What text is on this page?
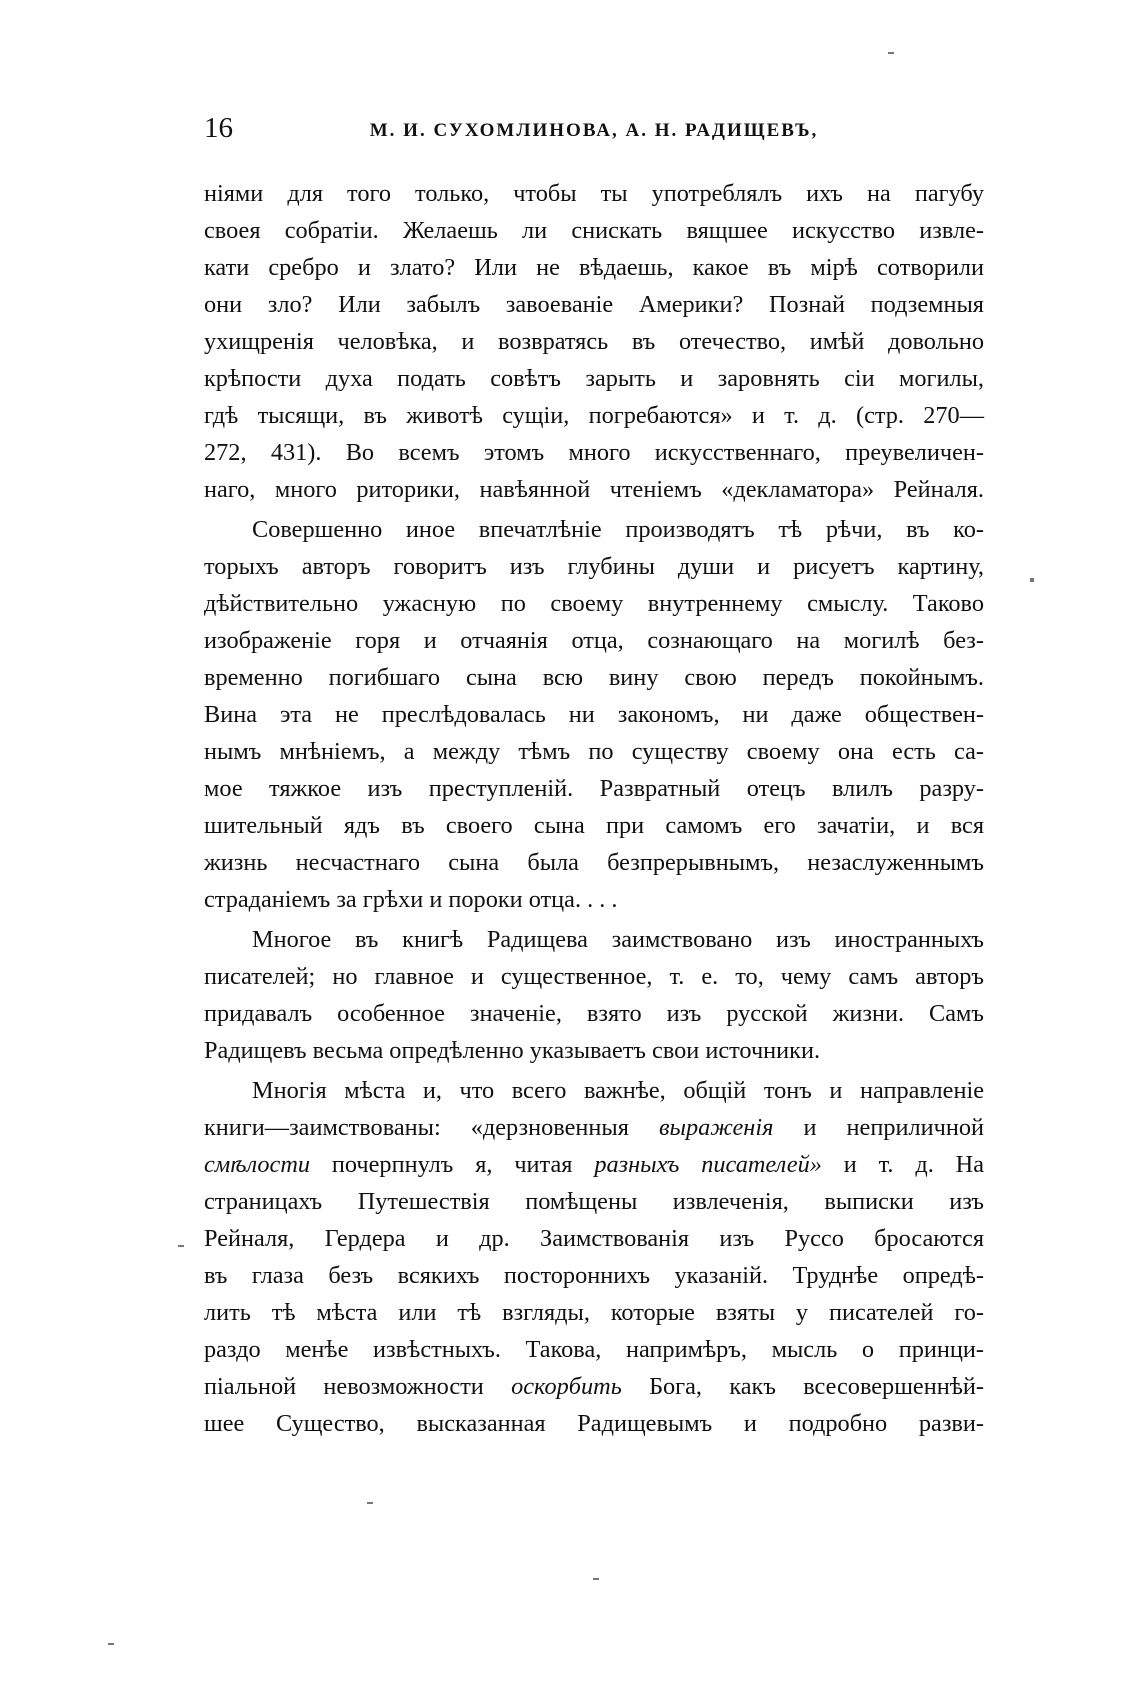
16	М. И. СУХОМЛИНОВА, А. Н. РАДИЩЕВЪ,
ніями для того только, чтобы ты употреблялъ ихъ на пагубу
своея собратіи. Желаешь ли снискать вящшее искусство извле-
кати сребро и злато? Или не вѣдаешь, какое въ мірѣ сотворили
они зло? Или забылъ завоеваніе Америки? Познай подземныя
ухищренія человѣка, и возвратясь въ отечество, имѣй довольно
крѣпости духа подать совѣтъ зарыть и заровнять сіи могилы,
гдѣ тысящи, въ животѣ сущіи, погребаются» и т. д. (стр. 270—
272, 431). Во всемъ этомъ много искусственнаго, преувеличен-
наго, много риторики, навѣянной чтеніемъ «декламатора» Рейналя.
Совершенно иное впечатлѣніе производятъ тѣ рѣчи, въ ко-
торыхъ авторъ говоритъ изъ глубины души и рисуетъ картину,
дѣйствительно ужасную по своему внутреннему смыслу. Таково
изображеніе горя и отчаянія отца, сознающаго на могилѣ без-
временно погибшаго сына всю вину свою передъ покойнымъ.
Вина эта не преслѣдовалась ни закономъ, ни даже обществен-
нымъ мнѣніемъ, а между тѣмъ по существу своему она есть са-
мое тяжкое изъ преступленій. Развратный отецъ влилъ разру-
шительный ядъ въ своего сына при самомъ его зачатіи, и вся
жизнь несчастнаго сына была безпрерывнымъ, незаслуженнымъ
страданіемъ за грѣхи и пороки отца. . . .
Многое въ книгѣ Радищева заимствовано изъ иностранныхъ
писателей; но главное и существенное, т. е. то, чему самъ авторъ
придавалъ особенное значеніе, взято изъ русской жизни. Самъ
Радищевъ весьма опредѣленно указываетъ свои источники.
Многія мѣста и, что всего важнѣе, общій тонъ и направленіе
книги—заимствованы: «дерзновенныя выраженія и неприличной
смѣлости почерпнулъ я, читая разныхъ писателей» и т. д. На
страницахъ Путешествія помѣщены извлеченія, выписки изъ
Рейналя, Гердера и др. Заимствованія изъ Руссо бросаются
въ глаза безъ всякихъ постороннихъ указаній. Труднѣе опредѣ-
лить тѣ мѣста или тѣ взгляды, которые взяты у писателей го-
раздо менѣе извѣстныхъ. Такова, напримѣръ, мысль о принци-
піальной невозможности оскорбить Бога, какъ всесовершеннѣй-
шее Существо, высказанная Радищевымъ и подробно разви-
